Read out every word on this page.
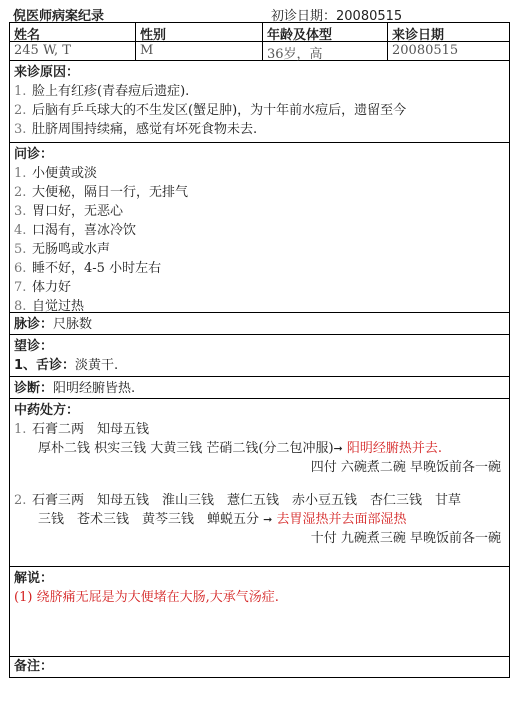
倪医师病案纪录	初诊日期：20080515
姓名	性别	年龄及体型	来诊日期
245 W, T	M	36岁，高	20080515
来诊原因：
1. 脸上有红疹(青春痘后遗症).
2. 后脑有乒乓球大的不生发区(蟹足肿)，为十年前水痘后，遗留至今
3. 肚脐周围持续痛，感觉有坏死食物未去.
问诊：
1. 小便黄或淡
2. 大便秘，隔日一行，无排气
3. 胃口好，无恶心
4. 口渴有，喜冰冷饮
5. 无肠鸣或水声
6. 睡不好，4-5 小时左右
7. 体力好
8. 自觉过热
脉诊：尺脉数
望诊：
1、舌诊：淡黄干.
诊断：阳明经腑皆热.
中药处方：
1. 石膏二两　知母五钱
厚朴二钱 枳实三钱 大黄三钱 芒硝二钱(分二包冲服)➞ 阳明经腑热并去.
四付 六碗煮二碗 早晚饭前各一碗
2. 石膏三两　知母五钱　淮山三钱　薏仁五钱　赤小豆五钱　杏仁三钱　甘草
三钱　苍术三钱　黄芩三钱　蝉蜕五分 ➞ 去胃湿热并去面部湿热
十付 九碗煮三碗 早晚饭前各一碗
解说：
(1) 绕脐痛无屁是为大便堵在大肠,大承气汤症.
备注：
